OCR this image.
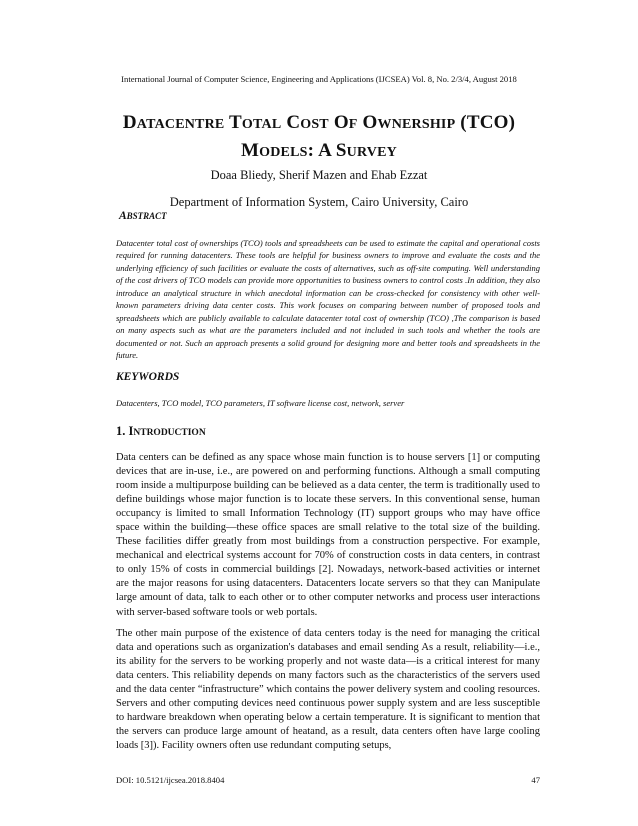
International Journal of Computer Science, Engineering and Applications (IJCSEA) Vol. 8, No. 2/3/4, August 2018
DATACENTRE TOTAL COST OF OWNERSHIP (TCO)
MODELS: A SURVEY
Doaa Bliedy, Sherif Mazen and Ehab Ezzat
Department of Information System, Cairo University, Cairo
ABSTRACT

Datacenter total cost of ownerships (TCO) tools and spreadsheets can be used to estimate the capital and operational costs required for running datacenters. These tools are helpful for business owners to improve and evaluate the costs and the underlying efficiency of such facilities or evaluate the costs of alternatives, such as off-site computing. Well understanding of the cost drivers of TCO models can provide more opportunities to business owners to control costs .In addition, they also introduce an analytical structure in which anecdotal information can be cross-checked for consistency with other well-known parameters driving data center costs. This work focuses on comparing between number of proposed tools and spreadsheets which are publicly available to calculate datacenter total cost of ownership (TCO) ,The comparison is based on many aspects such as what are the parameters included and not included in such tools and whether the tools are documented or not. Such an approach presents a solid ground for designing more and better tools and spreadsheets in the future.

KEYWORDS
Datacenters, TCO model, TCO parameters, IT software license cost, network, server
1. INTRODUCTION

Data centers can be defined as any space whose main function is to house servers [1] or computing devices that are in-use, i.e., are powered on and performing functions. Although a small computing room inside a multipurpose building can be believed as a data center, the term is traditionally used to define buildings whose major function is to locate these servers. In this conventional sense, human occupancy is limited to small Information Technology (IT) support groups who may have office space within the building—these office spaces are small relative to the total size of the building. These facilities differ greatly from most buildings from a construction perspective. For example, mechanical and electrical systems account for 70% of construction costs in data centers, in contrast to only 15% of costs in commercial buildings [2]. Nowadays, network-based activities or internet are the major reasons for using datacenters. Datacenters locate servers so that they can Manipulate large amount of data, talk to each other or to other computer networks and process user interactions with server-based software tools or web portals.

The other main purpose of the existence of data centers today is the need for managing the critical data and operations such as organization's databases and email sending As a result, reliability—i.e., its ability for the servers to be working properly and not waste data—is a critical interest for many data centers. This reliability depends on many factors such as the characteristics of the servers used and the data center “infrastructure” which contains the power delivery system and cooling resources. Servers and other computing devices need continuous power supply system and are less susceptible to hardware breakdown when operating below a certain temperature. It is significant to mention that the servers can produce large amount of heatand, as a result, data centers often have large cooling loads [3]). Facility owners often use redundant computing setups,

DOI: 10.5121/ijcsea.2018.8404	47
